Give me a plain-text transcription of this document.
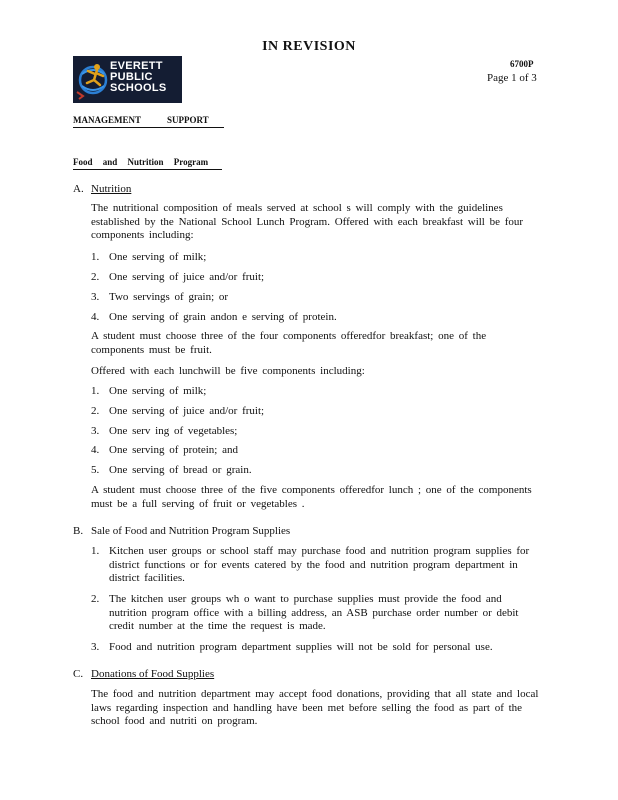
IN REVISION
EVERETT
PUBLIC
SCHOOLS
6700P
Page 1 of 3
MANAGEMENT	SUPPORT
Food and Nutrition Program
A. Nutrition
The nutritional composition of meals served at school s will comply with the guidelines established by the National School Lunch Program. Offered with each breakfast will be four components including:
1. One serving of milk;
2. One serving of juice and/or fruit;
3. Two servings of grain; or
4. One serving of grain andon e serving of protein.
A student must choose three of the four components offeredfor breakfast; one of the components must be fruit.
Offered with each lunchwill be five components including:
1. One serving of milk;
2. One serving of juice and/or fruit;
3. One serv ing of vegetables;
4. One serving of protein; and
5. One serving of bread or grain.
A student must choose three of the five components offeredfor lunch ; one of the components must be a full serving of fruit or vegetables .
B. Sale of Food and Nutrition Program Supplies
1. Kitchen user groups or school staff may purchase food and nutrition program supplies for district functions or for events catered by the food and nutrition program department in district facilities.
2. The kitchen user groups wh o want to purchase supplies must provide the food and nutrition program office with a billing address, an ASB purchase order number or debit credit number at the time the request is made.
3. Food and nutrition program department supplies will not be sold for personal use.
C. Donations of Food Supplies
The food and nutrition department may accept food donations, providing that all state and local laws regarding inspection and handling have been met before selling the food as part of the school food and nutriti on program.
